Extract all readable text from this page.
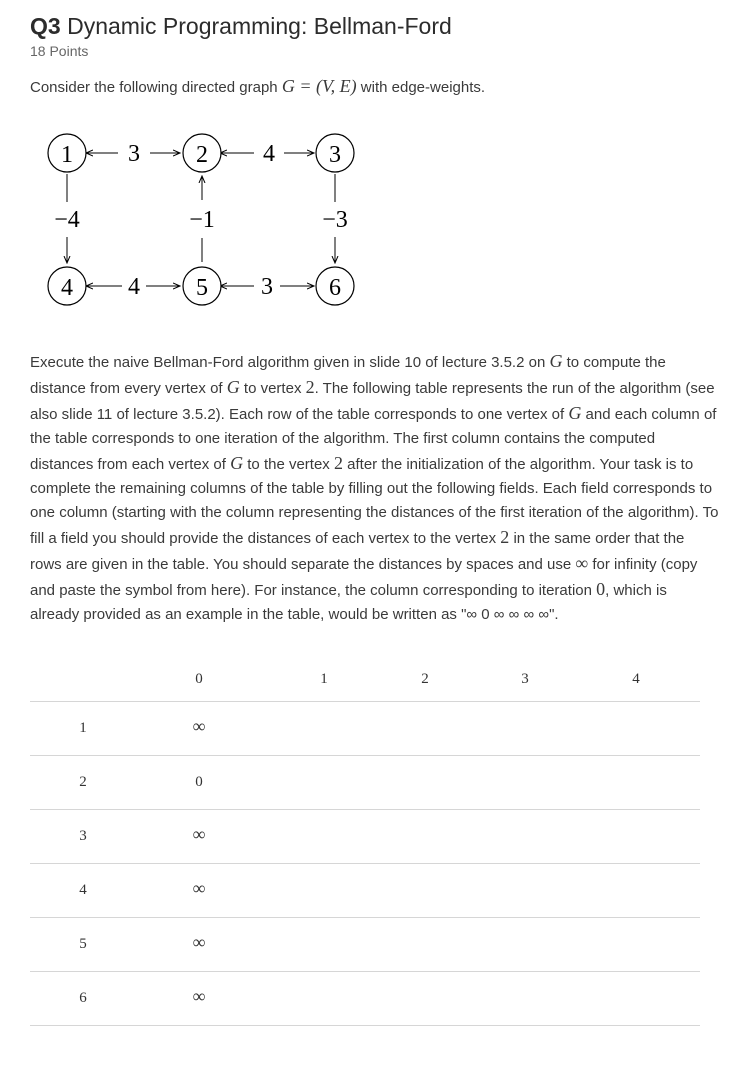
Q3 Dynamic Programming: Bellman-Ford
18 Points
Consider the following directed graph G = (V, E) with edge-weights.
3	4
4	3
−4	−1	−3
1	2	3
4	5	6
Execute the naive Bellman-Ford algorithm given in slide 10 of lecture 3.5.2 on G to compute the distance from every vertex of G to vertex 2. The following table represents the run of the algorithm (see also slide 11 of lecture 3.5.2). Each row of the table corresponds to one vertex of G and each column of the table corresponds to one iteration of the algorithm. The first column contains the computed distances from each vertex of G to the vertex 2 after the initialization of the algorithm. Your task is to complete the remaining columns of the table by filling out the following fields. Each field corresponds to one column (starting with the column representing the distances of the first iteration of the algorithm). To fill a field you should provide the distances of each vertex to the vertex 2 in the same order that the rows are given in the table. You should separate the distances by spaces and use ∞ for infinity (copy and paste the symbol from here). For instance, the column corresponding to iteration 0, which is already provided as an example in the table, would be written as "∞ 0 ∞ ∞ ∞ ∞".
0	1	2	3	4
1	∞
2	0
3	∞
4	∞
5	∞
6	∞
